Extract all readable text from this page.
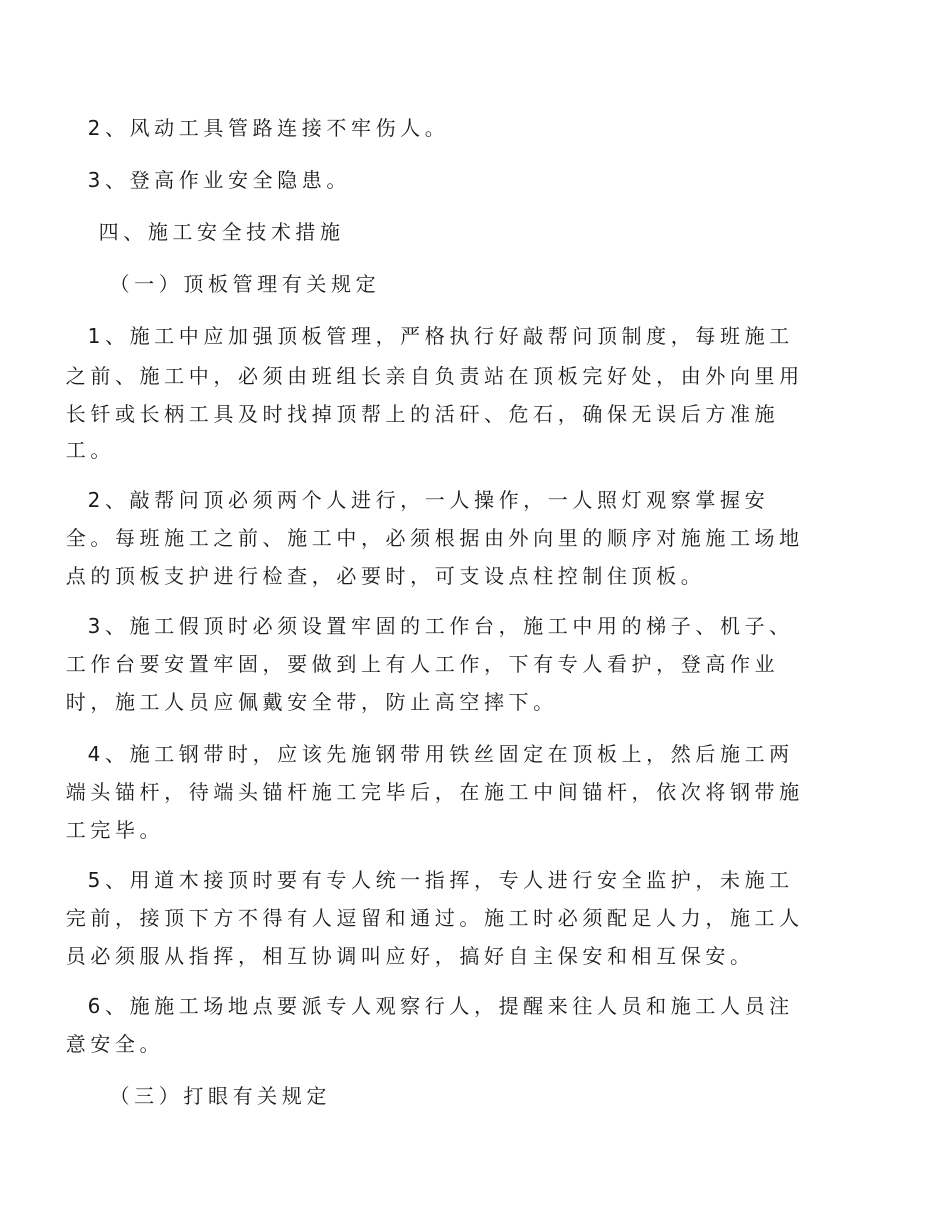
2、风动工具管路连接不牢伤人。
3、登高作业安全隐患。
四、施工安全技术措施
（一）顶板管理有关规定
1、施工中应加强顶板管理，严格执行好敲帮问顶制度，每班施工
之前、施工中，必须由班组长亲自负责站在顶板完好处，由外向里用
长钎或长柄工具及时找掉顶帮上的活矸、危石，确保无误后方准施
工。
2、敲帮问顶必须两个人进行，一人操作，一人照灯观察掌握安
全。每班施工之前、施工中，必须根据由外向里的顺序对施施工场地
点的顶板支护进行检查，必要时，可支设点柱控制住顶板。
3、施工假顶时必须设置牢固的工作台，施工中用的梯子、机子、
工作台要安置牢固，要做到上有人工作，下有专人看护，登高作业
时，施工人员应佩戴安全带，防止高空摔下。
4、施工钢带时，应该先施钢带用铁丝固定在顶板上，然后施工两
端头锚杆，待端头锚杆施工完毕后，在施工中间锚杆，依次将钢带施
工完毕。
5、用道木接顶时要有专人统一指挥，专人进行安全监护，未施工
完前，接顶下方不得有人逗留和通过。施工时必须配足人力，施工人
员必须服从指挥，相互协调叫应好，搞好自主保安和相互保安。
6、施施工场地点要派专人观察行人，提醒来往人员和施工人员注
意安全。
（三）打眼有关规定
